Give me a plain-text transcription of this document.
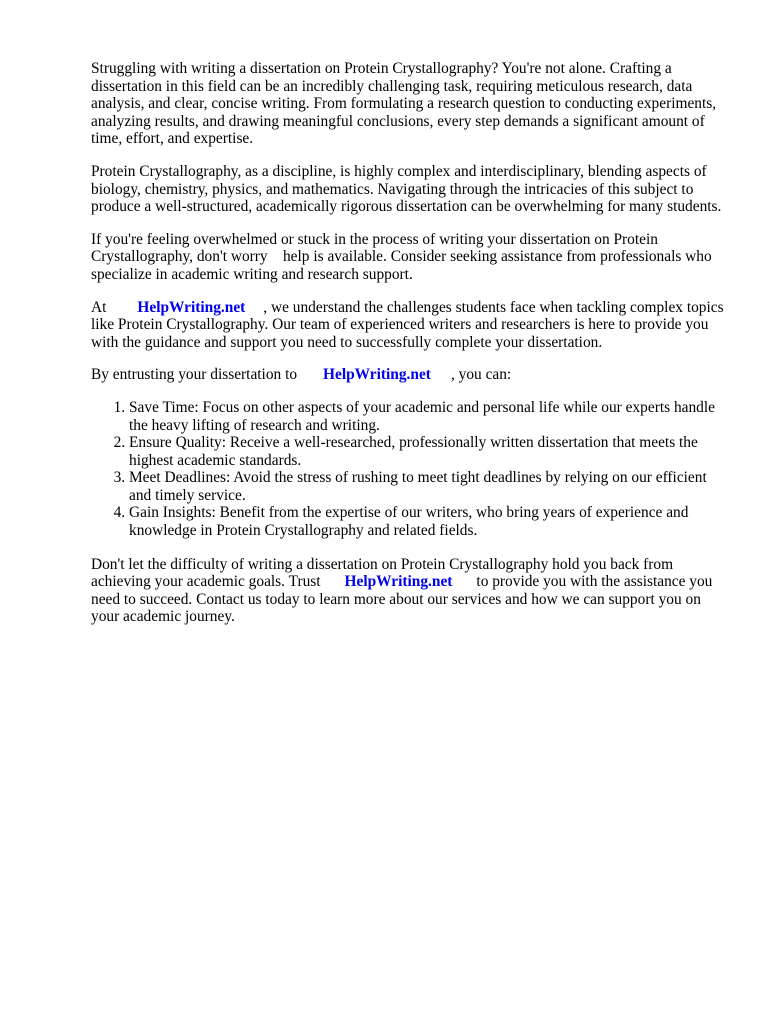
Struggling with writing a dissertation on Protein Crystallography? You're not alone. Crafting a dissertation in this field can be an incredibly challenging task, requiring meticulous research, data analysis, and clear, concise writing. From formulating a research question to conducting experiments, analyzing results, and drawing meaningful conclusions, every step demands a significant amount of time, effort, and expertise.

Protein Crystallography, as a discipline, is highly complex and interdisciplinary, blending aspects of biology, chemistry, physics, and mathematics. Navigating through the intricacies of this subject to produce a well-structured, academically rigorous dissertation can be overwhelming for many students.

If you're feeling overwhelmed or stuck in the process of writing your dissertation on Protein Crystallography, don't worry    help is available. Consider seeking assistance from professionals who specialize in academic writing and research support.

At HelpWriting.net , we understand the challenges students face when tackling complex topics like Protein Crystallography. Our team of experienced writers and researchers is here to provide you with the guidance and support you need to successfully complete your dissertation.

By entrusting your dissertation to HelpWriting.net , you can:

1. Save Time: Focus on other aspects of your academic and personal life while our experts handle the heavy lifting of research and writing.
2. Ensure Quality: Receive a well-researched, professionally written dissertation that meets the highest academic standards.
3. Meet Deadlines: Avoid the stress of rushing to meet tight deadlines by relying on our efficient and timely service.
4. Gain Insights: Benefit from the expertise of our writers, who bring years of experience and knowledge in Protein Crystallography and related fields.

Don't let the difficulty of writing a dissertation on Protein Crystallography hold you back from achieving your academic goals. Trust HelpWriting.net to provide you with the assistance you need to succeed. Contact us today to learn more about our services and how we can support you on your academic journey.
